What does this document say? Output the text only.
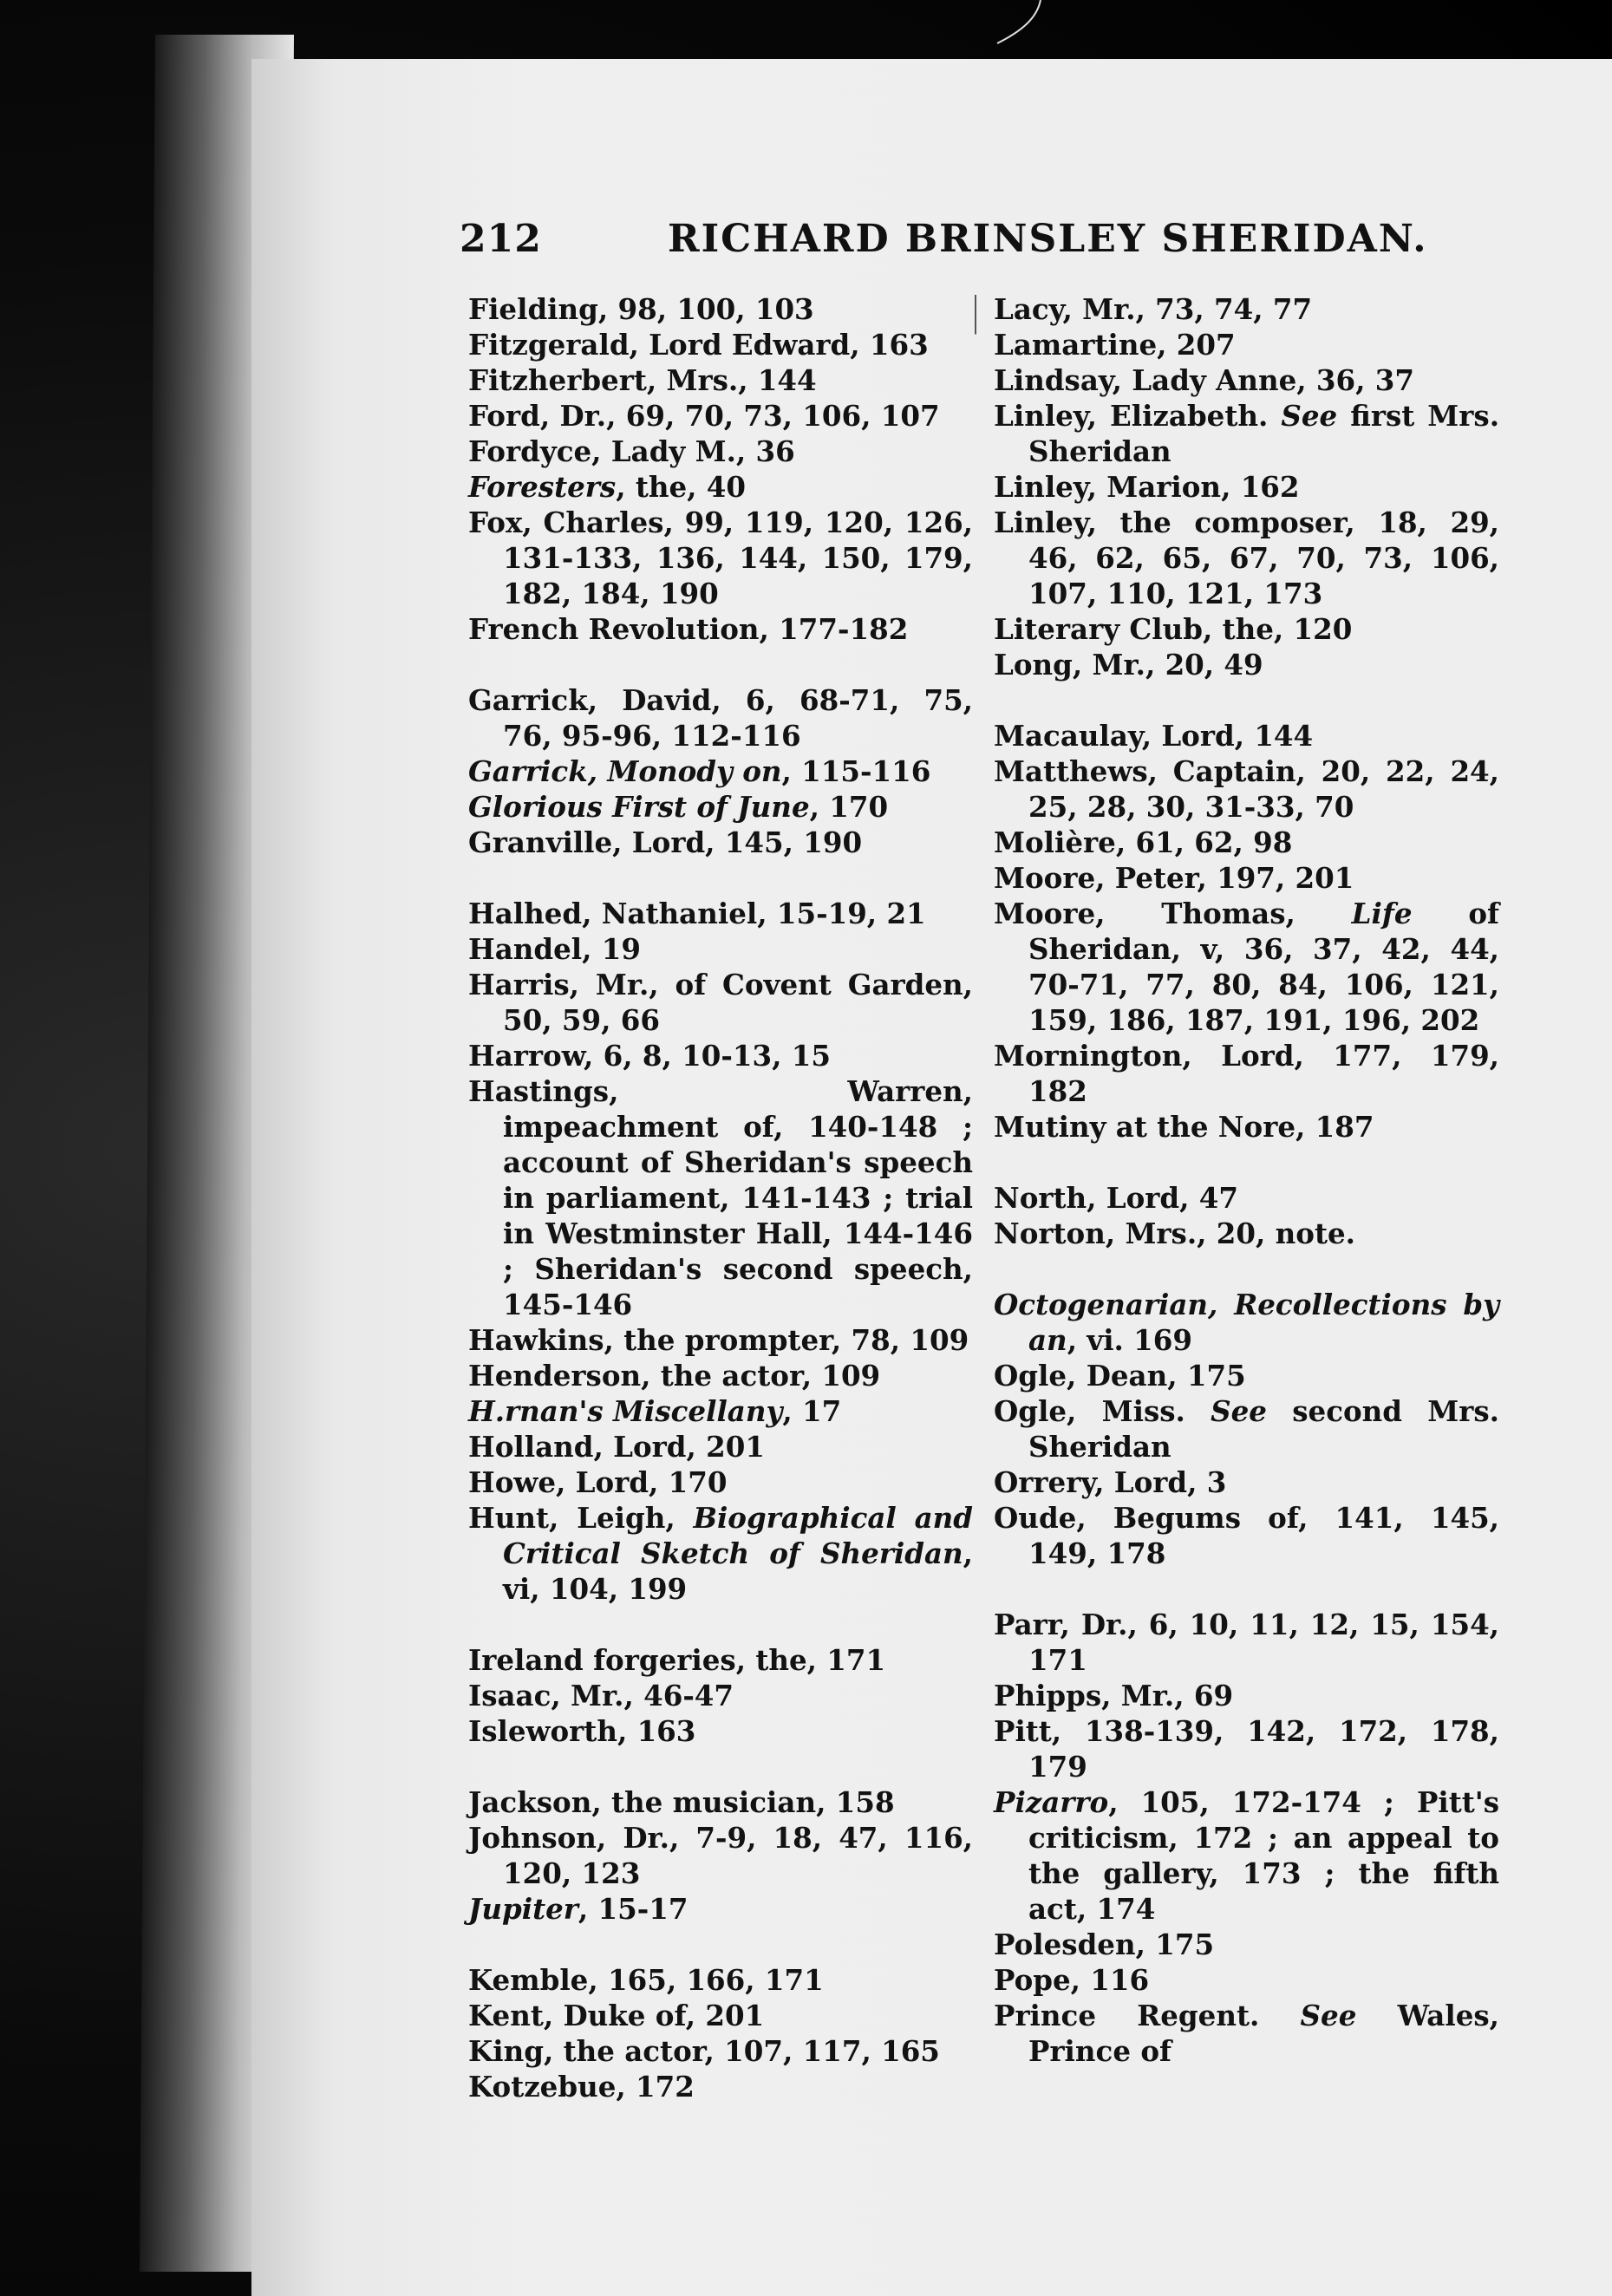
212	RICHARD BRINSLEY SHERIDAN.

Fielding, 98, 100, 103

Fitzgerald, Lord Edward, 163

Fitzherbert, Mrs., 144

Ford, Dr., 69, 70, 73, 106, 107

Fordyce, Lady M., 36

Foresters, the, 40

Fox, Charles, 99, 119, 120, 126, 131-133, 136, 144, 150, 179, 182, 184, 190

French Revolution, 177-182

Garrick, David, 6, 68-71, 75, 76, 95-96, 112-116

Garrick, Monody on, 115-116

Glorious First of June, 170

Granville, Lord, 145, 190

Halhed, Nathaniel, 15-19, 21

Handel, 19

Harris, Mr., of Covent Garden, 50, 59, 66

Harrow, 6, 8, 10-13, 15

Hastings, Warren, impeachment of, 140-148 ; account of Sheridan's speech in parliament, 141-143 ; trial in Westminster Hall, 144-146 ; Sheridan's second speech, 145-146

Hawkins, the prompter, 78, 109

Henderson, the actor, 109

H.rnan's Miscellany, 17

Holland, Lord, 201

Howe, Lord, 170

Hunt, Leigh, Biographical and Critical Sketch of Sheridan, vi, 104, 199

Ireland forgeries, the, 171

Isaac, Mr., 46-47

Isleworth, 163

Jackson, the musician, 158

Johnson, Dr., 7-9, 18, 47, 116, 120, 123

Jupiter, 15-17

Kemble, 165, 166, 171

Kent, Duke of, 201

King, the actor, 107, 117, 165

Kotzebue, 172

Lacy, Mr., 73, 74, 77

Lamartine, 207

Lindsay, Lady Anne, 36, 37

Linley, Elizabeth. See first Mrs. Sheridan

Linley, Marion, 162

Linley, the composer, 18, 29, 46, 62, 65, 67, 70, 73, 106, 107, 110, 121, 173

Literary Club, the, 120

Long, Mr., 20, 49

Macaulay, Lord, 144

Matthews, Captain, 20, 22, 24, 25, 28, 30, 31-33, 70

Molière, 61, 62, 98

Moore, Peter, 197, 201

Moore, Thomas, Life of Sheridan, v, 36, 37, 42, 44, 70-71, 77, 80, 84, 106, 121, 159, 186, 187, 191, 196, 202

Mornington, Lord, 177, 179, 182

Mutiny at the Nore, 187

North, Lord, 47

Norton, Mrs., 20, note.

Octogenarian, Recollections by an, vi. 169

Ogle, Dean, 175

Ogle, Miss. See second Mrs. Sheridan

Orrery, Lord, 3

Oude, Begums of, 141, 145, 149, 178

Parr, Dr., 6, 10, 11, 12, 15, 154, 171

Phipps, Mr., 69

Pitt, 138-139, 142, 172, 178, 179

Pizarro, 105, 172-174 ; Pitt's criticism, 172 ; an appeal to the gallery, 173 ; the fifth act, 174

Polesden, 175

Pope, 116

Prince Regent. See Wales, Prince of
